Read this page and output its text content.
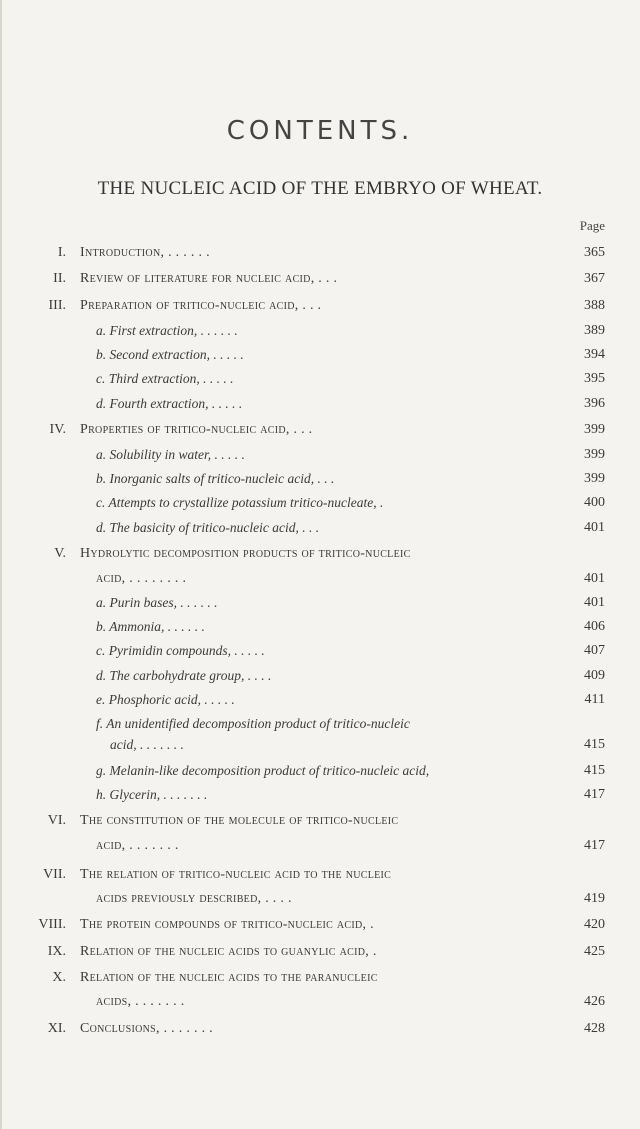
CONTENTS.
THE NUCLEIC ACID OF THE EMBRYO OF WHEAT.
Page
I. Introduction, . . . . . .	365
II. Review of literature for nucleic acid, . . .	367
III. Preparation of tritico-nucleic acid, . . .	388
a. First extraction, . . . . . .	389
b. Second extraction, . . . . .	394
c. Third extraction, . . . . .	395
d. Fourth extraction, . . . . .	396
IV. Properties of tritico-nucleic acid, . . .	399
a. Solubility in water, . . . . .	399
b. Inorganic salts of tritico-nucleic acid, . . .	399
c. Attempts to crystallize potassium tritico-nucleate, .	400
d. The basicity of tritico-nucleic acid, . . .	401
V. Hydrolytic decomposition products of tritico-nucleic
acid, . . . . . . . .	401
a. Purin bases, . . . . . .	401
b. Ammonia, . . . . . .	406
c. Pyrimidin compounds, . . . . .	407
d. The carbohydrate group, . . . .	409
e. Phosphoric acid, . . . . .	411
f. An unidentified decomposition product of tritico-nucleic
acid, . . . . . . .	415
g. Melanin-like decomposition product of tritico-nucleic acid,	415
h. Glycerin, . . . . . . .	417
VI. The constitution of the molecule of tritico-nucleic
acid, . . . . . . .	417
VII. The relation of tritico-nucleic acid to the nucleic
acids previously described, . . . .	419
VIII. The protein compounds of tritico-nucleic acid, .	420
IX. Relation of the nucleic acids to guanylic acid, .	425
X. Relation of the nucleic acids to the paranucleic
acids, . . . . . . .	426
XI. Conclusions, . . . . . . .	428
